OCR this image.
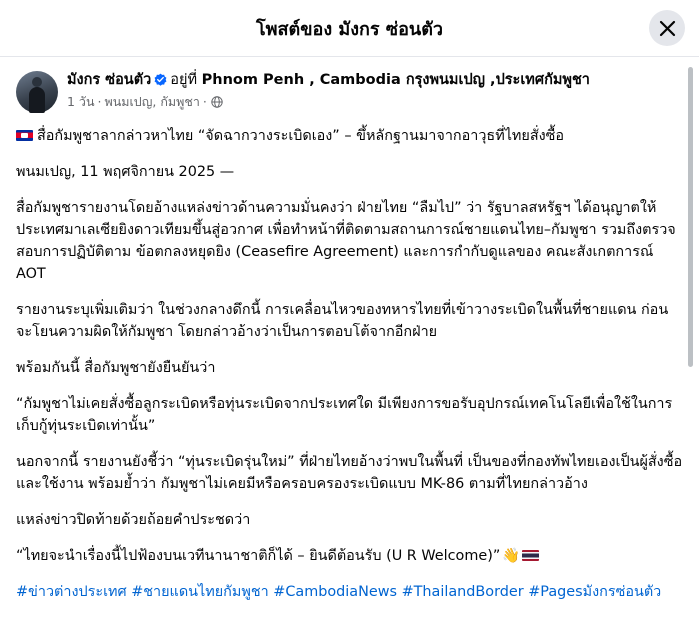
โพสต์ของ มังกร ซ่อนตัว
มังกร ซ่อนตัว อยู่ที่ Phnom Penh , Cambodia กรุงพนมเปญ ,ประเทศกัมพูชา
1 วัน · พนมเปญ, กัมพูชา ·

สื่อกัมพูชาลากล่าวหาไทย “จัดฉากวางระเบิดเอง” – ขึ้หลักฐานมาจากอาวุธที่ไทยสั่งซื้อ

พนมเปญ, 11 พฤศจิกายน 2025 —

สื่อกัมพูชารายงานโดยอ้างแหล่งข่าวด้านความมั่นคงว่า ฝ่ายไทย “ลืมไป” ว่า รัฐบาลสหรัฐฯ ได้อนุญาตให้ประเทศมาเลเซียยิงดาวเทียมขึ้นสู่อวกาศ เพื่อทำหน้าที่ติดตามสถานการณ์ชายแดนไทย–กัมพูชา รวมถึงตรวจสอบการปฏิบัติตาม ข้อตกลงหยุดยิง (Ceasefire Agreement) และการกำกับดูแลของ คณะสังเกตการณ์ AOT

รายงานระบุเพิ่มเติมว่า ในช่วงกลางดึกนี้ การเคลื่อนไหวของทหารไทยที่เข้าวางระเบิดในพื้นที่ชายแดน ก่อนจะโยนความผิดให้กัมพูชา โดยกล่าวอ้างว่าเป็นการตอบโต้จากอีกฝ่าย

พร้อมกันนี้ สื่อกัมพูชายังยืนยันว่า

“กัมพูชาไม่เคยสั่งซื้อลูกระเบิดหรือทุ่นระเบิดจากประเทศใด มีเพียงการขอรับอุปกรณ์เทคโนโลยีเพื่อใช้ในการเก็บกู้ทุ่นระเบิดเท่านั้น”

นอกจากนี้ รายงานยังชี้ว่า “ทุ่นระเบิดรุ่นใหม่” ที่ฝ่ายไทยอ้างว่าพบในพื้นที่ เป็นของที่กองทัพไทยเองเป็นผู้สั่งซื้อและใช้งาน พร้อมย้ำว่า กัมพูชาไม่เคยมีหรือครอบครองระเบิดแบบ MK-86 ตามที่ไทยกล่าวอ้าง

แหล่งข่าวปิดท้ายด้วยถ้อยคำประชดว่า

“ไทยจะนำเรื่องนี้ไปฟ้องบนเวทีนานาชาติก็ได้ – ยินดีต้อนรับ (U R Welcome)” 👋

#ข่าวต่างประเทศ #ชายแดนไทยกัมพูชา #CambodiaNews #ThailandBorder #Pagesมังกรซ่อนตัว
